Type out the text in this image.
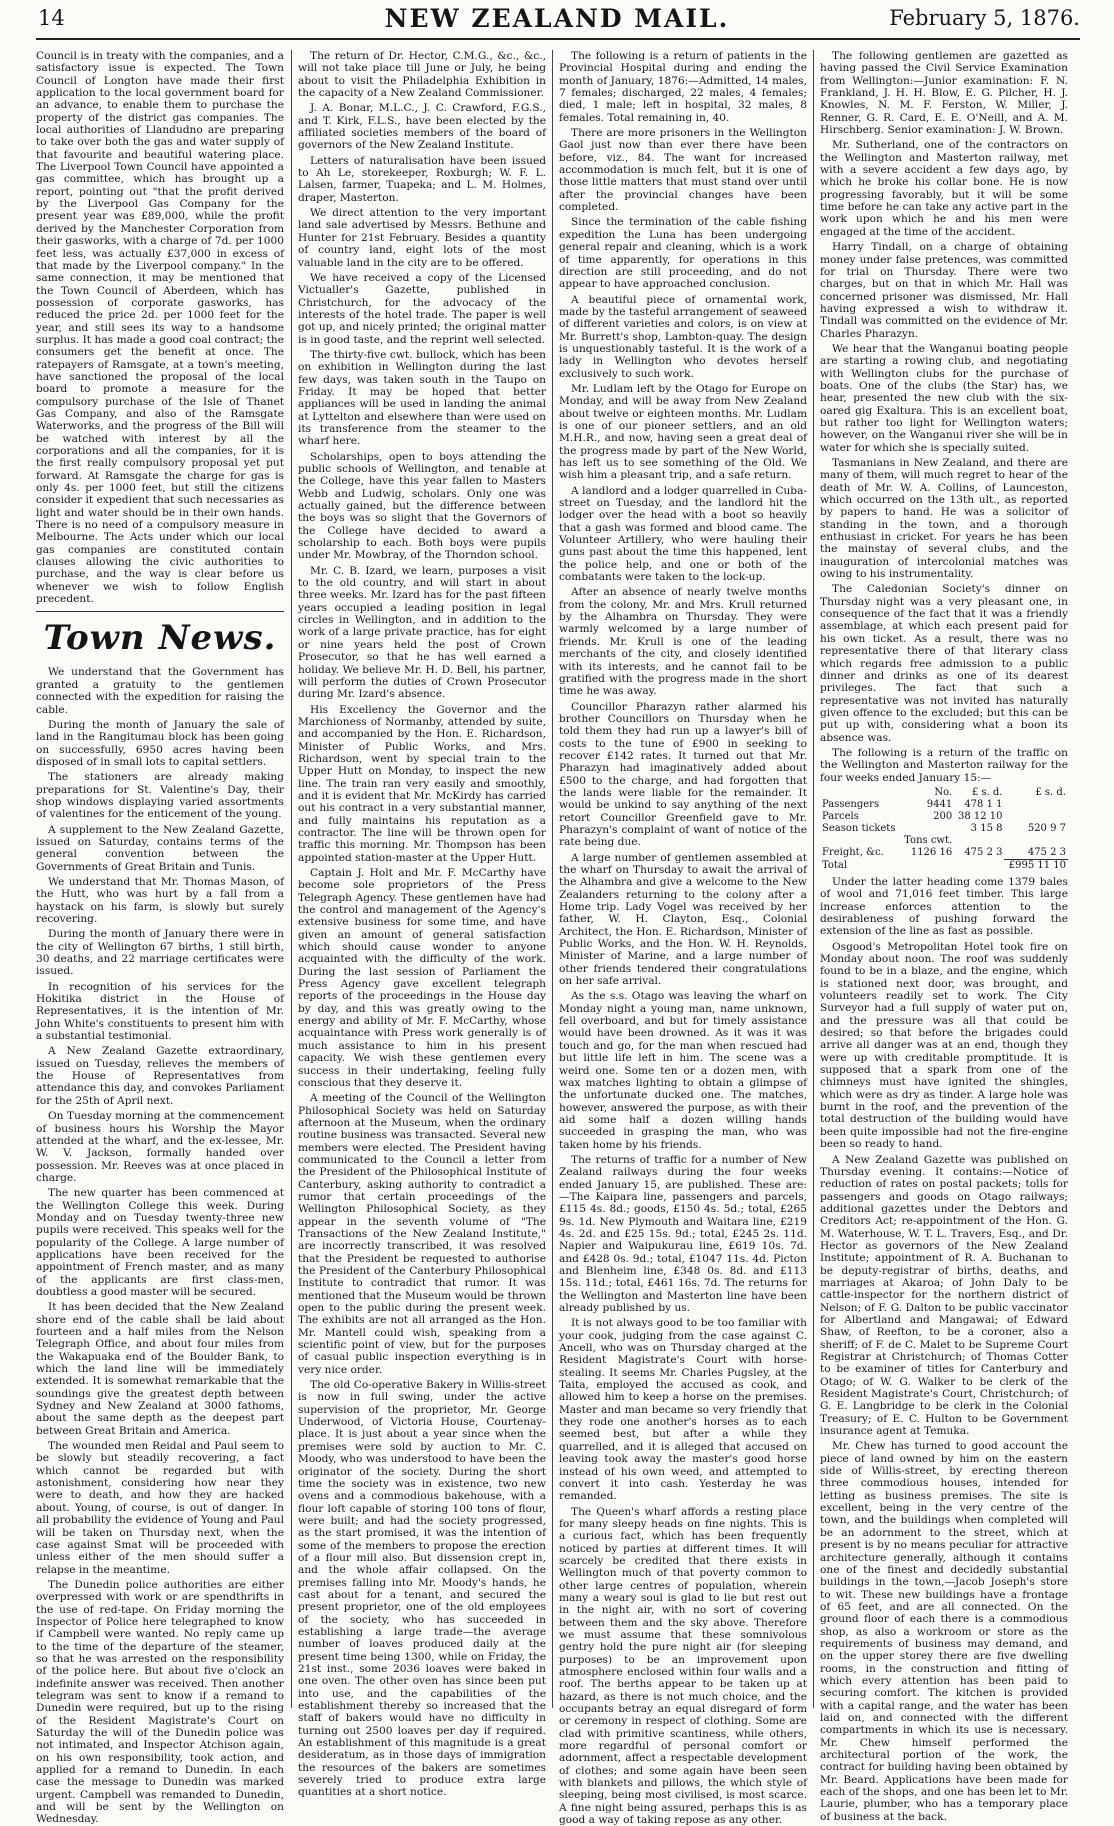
14	NEW ZEALAND MAIL.	February 5, 1876.

Council is in treaty with the companies, and a satisfactory issue is expected. The Town Council of Longton have made their first application to the local government board for an advance, to enable them to purchase the property of the district gas companies. The local authorities of Llandudno are preparing to take over both the gas and water supply of that favourite and beautiful watering place. The Liverpool Town Council have appointed a gas committee, which has brought up a report, pointing out "that the profit derived by the Liverpool Gas Company for the present year was £89,000, while the profit derived by the Manchester Corporation from their gasworks, with a charge of 7d. per 1000 feet less, was actually £37,000 in excess of that made by the Liverpool company." In the same connection, it may be mentioned that the Town Council of Aberdeen, which has possession of corporate gasworks, has reduced the price 2d. per 1000 feet for the year, and still sees its way to a handsome surplus. It has made a good coal contract; the consumers get the benefit at once. The ratepayers of Ramsgate, at a town's meeting, have sanctioned the proposal of the local board to promote a measure for the compulsory purchase of the Isle of Thanet Gas Company, and also of the Ramsgate Waterworks, and the progress of the Bill will be watched with interest by all the corporations and all the companies, for it is the first really compulsory proposal yet put forward. At Ramsgate the charge for gas is only 4s. per 1000 feet, but still the citizens consider it expedient that such necessaries as light and water should be in their own hands. There is no need of a compulsory measure in Melbourne. The Acts under which our local gas companies are constituted contain clauses allowing the civic authorities to purchase, and the way is clear before us whenever we wish to follow English precedent.

Town News.

We understand that the Government has granted a gratuity to the gentlemen connected with the expedition for raising the cable.

During the month of January the sale of land in the Rangitumau block has been going on successfully, 6950 acres having been disposed of in small lots to capital settlers.

The stationers are already making preparations for St. Valentine's Day, their shop windows displaying varied assortments of valentines for the enticement of the young.

A supplement to the New Zealand Gazette, issued on Saturday, contains terms of the general convention between the Governments of Great Britain and Tunis.

We understand that Mr. Thomas Mason, of the Hutt, who was hurt by a fall from a haystack on his farm, is slowly but surely recovering.

During the month of January there were in the city of Wellington 67 births, 1 still birth, 30 deaths, and 22 marriage certificates were issued.

In recognition of his services for the Hokitika district in the House of Representatives, it is the intention of Mr. John White's constituents to present him with a substantial testimonial.

A New Zealand Gazette extraordinary, issued on Tuesday, relieves the members of the House of Representatives from attendance this day, and convokes Parliament for the 25th of April next.

On Tuesday morning at the commencement of business hours his Worship the Mayor attended at the wharf, and the ex-lessee, Mr. W. V. Jackson, formally handed over possession. Mr. Reeves was at once placed in charge.

The new quarter has been commenced at the Wellington College this week. During Monday and on Tuesday twenty-three new pupils were received. This speaks well for the popularity of the College. A large number of applications have been received for the appointment of French master, and as many of the applicants are first class-men, doubtless a good master will be secured.

It has been decided that the New Zealand shore end of the cable shall be laid about fourteen and a half miles from the Nelson Telegraph Office, and about four miles from the Wakapuaka end of the Boulder Bank, to which the land line will be immediately extended. It is somewhat remarkable that the soundings give the greatest depth between Sydney and New Zealand at 3000 fathoms, about the same depth as the deepest part between Great Britain and America.

The wounded men Reidal and Paul seem to be slowly but steadily recovering, a fact which cannot be regarded but with astonishment, considering how near they were to death, and how they are hacked about. Young, of course, is out of danger. In all probability the evidence of Young and Paul will be taken on Thursday next, when the case against Smat will be proceeded with unless either of the men should suffer a relapse in the meantime.

The Dunedin police authorities are either overpressed with work or are spendthrifts in the use of red-tape. On Friday morning the Inspector of Police here telegraphed to know if Campbell were wanted. No reply came up to the time of the departure of the steamer, so that he was arrested on the responsibility of the police here. But about five o'clock an indefinite answer was received. Then another telegram was sent to know if a remand to Dunedin were required, but up to the rising of the Resident Magistrate's Court on Saturday the will of the Dunedin police was not intimated, and Inspector Atchison again, on his own responsibility, took action, and applied for a remand to Dunedin. In each case the message to Dunedin was marked urgent. Campbell was remanded to Dunedin, and will be sent by the Wellington on Wednesday.

The return of Dr. Hector, C.M.G., &c., &c., will not take place till June or July, he being about to visit the Philadelphia Exhibition in the capacity of a New Zealand Commissioner.

J. A. Bonar, M.L.C., J. C. Crawford, F.G.S., and T. Kirk, F.L.S., have been elected by the affiliated societies members of the board of governors of the New Zealand Institute.

Letters of naturalisation have been issued to Ah Le, storekeeper, Roxburgh; W. F. L. Lalsen, farmer, Tuapeka; and L. M. Holmes, draper, Masterton.

We direct attention to the very important land sale advertised by Messrs. Bethune and Hunter for 21st February. Besides a quantity of country land, eight lots of the most valuable land in the city are to be offered.

We have received a copy of the Licensed Victualler's Gazette, published in Christchurch, for the advocacy of the interests of the hotel trade. The paper is well got up, and nicely printed; the original matter is in good taste, and the reprint well selected.

The thirty-five cwt. bullock, which has been on exhibition in Wellington during the last few days, was taken south in the Taupo on Friday. It may be hoped that better appliances will be used in landing the animal at Lyttelton and elsewhere than were used on its transference from the steamer to the wharf here.

Scholarships, open to boys attending the public schools of Wellington, and tenable at the College, have this year fallen to Masters Webb and Ludwig, scholars. Only one was actually gained, but the difference between the boys was so slight that the Governors of the College have decided to award a scholarship to each. Both boys were pupils under Mr. Mowbray, of the Thorndon school.

Mr. C. B. Izard, we learn, purposes a visit to the old country, and will start in about three weeks. Mr. Izard has for the past fifteen years occupied a leading position in legal circles in Wellington, and in addition to the work of a large private practice, has for eight or nine years held the post of Crown Prosecutor, so that he has well earned a holiday. We believe Mr. H. D. Bell, his partner, will perform the duties of Crown Prosecutor during Mr. Izard's absence.

His Excellency the Governor and the Marchioness of Normanby, attended by suite, and accompanied by the Hon. E. Richardson, Minister of Public Works, and Mrs. Richardson, went by special train to the Upper Hutt on Monday, to inspect the new line. The train ran very easily and smoothly, and it is evident that Mr. McKirdy has carried out his contract in a very substantial manner, and fully maintains his reputation as a contractor. The line will be thrown open for traffic this morning. Mr. Thompson has been appointed station-master at the Upper Hutt.

Captain J. Holt and Mr. F. McCarthy have become sole proprietors of the Press Telegraph Agency. These gentlemen have had the control and management of the Agency's extensive business for some time, and have given an amount of general satisfaction which should cause wonder to anyone acquainted with the difficulty of the work. During the last session of Parliament the Press Agency gave excellent telegraph reports of the proceedings in the House day by day, and this was greatly owing to the energy and ability of Mr. F. McCarthy, whose acquaintance with Press work generally is of much assistance to him in his present capacity. We wish these gentlemen every success in their undertaking, feeling fully conscious that they deserve it.

A meeting of the Council of the Wellington Philosophical Society was held on Saturday afternoon at the Museum, when the ordinary routine business was transacted. Several new members were elected. The President having communicated to the Council a letter from the President of the Philosophical Institute of Canterbury, asking authority to contradict a rumor that certain proceedings of the Wellington Philosophical Society, as they appear in the seventh volume of "The Transactions of the New Zealand Institute," are incorrectly transcribed, it was resolved that the President be requested to authorise the President of the Canterbury Philosophical Institute to contradict that rumor. It was mentioned that the Museum would be thrown open to the public during the present week. The exhibits are not all arranged as the Hon. Mr. Mantell could wish, speaking from a scientific point of view, but for the purposes of casual public inspection everything is in very nice order.

The old Co-operative Bakery in Willis-street is now in full swing, under the active supervision of the proprietor, Mr. George Underwood, of Victoria House, Courtenay-place. It is just about a year since when the premises were sold by auction to Mr. C. Moody, who was understood to have been the originator of the society. During the short time the society was in existence, two new ovens and a commodious bakehouse, with a flour loft capable of storing 100 tons of flour, were built; and had the society progressed, as the start promised, it was the intention of some of the members to propose the erection of a flour mill also. But dissension crept in, and the whole affair collapsed. On the premises falling into Mr. Moody's hands, he cast about for a tenant, and secured the present proprietor, one of the old employees of the society, who has succeeded in establishing a large trade—the average number of loaves produced daily at the present time being 1300, while on Friday, the 21st inst., some 2036 loaves were baked in one oven. The other oven has since been put into use, and the capabilities of the establishment thereby so increased that the staff of bakers would have no difficulty in turning out 2500 loaves per day if required. An establishment of this magnitude is a great desideratum, as in those days of immigration the resources of the bakers are sometimes severely tried to produce extra large quantities at a short notice.

The following is a return of patients in the Provincial Hospital during and ending the month of January, 1876:—Admitted, 14 males, 7 females; discharged, 22 males, 4 females; died, 1 male; left in hospital, 32 males, 8 females. Total remaining in, 40.

There are more prisoners in the Wellington Gaol just now than ever there have been before, viz., 84. The want for increased accommodation is much felt, but it is one of those little matters that must stand over until after the provincial changes have been completed.

Since the termination of the cable fishing expedition the Luna has been undergoing general repair and cleaning, which is a work of time apparently, for operations in this direction are still proceeding, and do not appear to have approached conclusion.

A beautiful piece of ornamental work, made by the tasteful arrangement of seaweed of different varieties and colors, is on view at Mr. Burrett's shop, Lambton-quay. The design is unquestionably tasteful. It is the work of a lady in Wellington who devotes herself exclusively to such work.

Mr. Ludlam left by the Otago for Europe on Monday, and will be away from New Zealand about twelve or eighteen months. Mr. Ludlam is one of our pioneer settlers, and an old M.H.R., and now, having seen a great deal of the progress made by part of the New World, has left us to see something of the Old. We wish him a pleasant trip, and a safe return.

A landlord and a lodger quarrelled in Cuba-street on Tuesday, and the landlord hit the lodger over the head with a boot so heavily that a gash was formed and blood came. The Volunteer Artillery, who were hauling their guns past about the time this happened, lent the police help, and one or both of the combatants were taken to the lock-up.

After an absence of nearly twelve months from the colony, Mr. and Mrs. Krull returned by the Alhambra on Thursday. They were warmly welcomed by a large number of friends. Mr. Krull is one of the leading merchants of the city, and closely identified with its interests, and he cannot fail to be gratified with the progress made in the short time he was away.

Councillor Pharazyn rather alarmed his brother Councillors on Thursday when he told them they had run up a lawyer's bill of costs to the tune of £900 in seeking to recover £142 rates. It turned out that Mr. Pharazyn had imaginatively added about £500 to the charge, and had forgotten that the lands were liable for the remainder. It would be unkind to say anything of the next retort Councillor Greenfield gave to Mr. Pharazyn's complaint of want of notice of the rate being due.

A large number of gentlemen assembled at the wharf on Thursday to await the arrival of the Alhambra and give a welcome to the New Zealanders returning to the colony after a Home trip. Lady Vogel was received by her father, W. H. Clayton, Esq., Colonial Architect, the Hon. E. Richardson, Minister of Public Works, and the Hon. W. H. Reynolds, Minister of Marine, and a large number of other friends tendered their congratulations on her safe arrival.

As the s.s. Otago was leaving the wharf on Monday night a young man, name unknown, fell overboard, and but for timely assistance would have been drowned. As it was it was touch and go, for the man when rescued had but little life left in him. The scene was a weird one. Some ten or a dozen men, with wax matches lighting to obtain a glimpse of the unfortunate ducked one. The matches, however, answered the purpose, as with their aid some half a dozen willing hands succeeded in grasping the man, who was taken home by his friends.

The returns of traffic for a number of New Zealand railways during the four weeks ended January 15, are published. These are:—The Kaipara line, passengers and parcels, £115 4s. 8d.; goods, £150 4s. 5d.; total, £265 9s. 1d. New Plymouth and Waitara line, £219 4s. 2d. and £25 15s. 9d.; total, £245 2s. 11d. Napier and Waipukurau line, £619 10s. 7d. and £428 0s. 9d.; total, £1047 11s. 4d. Picton and Blenheim line, £348 0s. 8d. and £113 15s. 11d.; total, £461 16s. 7d. The returns for the Wellington and Masterton line have been already published by us.

It is not always good to be too familiar with your cook, judging from the case against C. Ancell, who was on Thursday charged at the Resident Magistrate's Court with horse-stealing. It seems Mr. Charles Pugsley, at the Taita, employed the accused as cook, and allowed him to keep a horse on the premises. Master and man became so very friendly that they rode one another's horses as to each seemed best, but after a while they quarrelled, and it is alleged that accused on leaving took away the master's good horse instead of his own weed, and attempted to convert it into cash. Yesterday he was remanded.

The Queen's wharf affords a resting place for many sleepy heads on fine nights. This is a curious fact, which has been frequently noticed by parties at different times. It will scarcely be credited that there exists in Wellington much of that poverty common to other large centres of population, wherein many a weary soul is glad to lie but rest out in the night air, with no sort of covering between them and the sky above. Therefore we must assume that these somnivolous gentry hold the pure night air (for sleeping purposes) to be an improvement upon atmosphere enclosed within four walls and a roof. The berths appear to be taken up at hazard, as there is not much choice, and the occupants betray an equal disregard of form or ceremony in respect of clothing. Some are clad with primitive scantiness, while others, more regardful of personal comfort or adornment, affect a respectable development of clothes; and some again have been seen with blankets and pillows, the which style of sleeping, being most civilised, is most scarce. A fine night being assured, perhaps this is as good a way of taking repose as any other.

The following gentlemen are gazetted as having passed the Civil Service Examination from Wellington:—Junior examination: F. N. Frankland, J. H. H. Blow, E. G. Pilcher, H. J. Knowles, N. M. F. Ferston, W. Miller, J. Renner, G. R. Card, E. E. O'Neill, and A. M. Hirschberg. Senior examination: J. W. Brown.

Mr. Sutherland, one of the contractors on the Wellington and Masterton railway, met with a severe accident a few days ago, by which he broke his collar bone. He is now progressing favorably, but it will be some time before he can take any active part in the work upon which he and his men were engaged at the time of the accident.

Harry Tindall, on a charge of obtaining money under false pretences, was committed for trial on Thursday. There were two charges, but on that in which Mr. Hall was concerned prisoner was dismissed, Mr. Hall having expressed a wish to withdraw it. Tindall was committed on the evidence of Mr. Charles Pharazyn.

We hear that the Wanganui boating people are starting a rowing club, and negotiating with Wellington clubs for the purchase of boats. One of the clubs (the Star) has, we hear, presented the new club with the six-oared gig Exaltura. This is an excellent boat, but rather too light for Wellington waters; however, on the Wanganui river she will be in water for which she is specially suited.

Tasmanians in New Zealand, and there are many of them, will much regret to hear of the death of Mr. W. A. Collins, of Launceston, which occurred on the 13th ult., as reported by papers to hand. He was a solicitor of standing in the town, and a thorough enthusiast in cricket. For years he has been the mainstay of several clubs, and the inauguration of intercolonial matches was owing to his instrumentality.

The Caledonian Society's dinner on Thursday night was a very pleasant one, in consequence of the fact that it was a friendly assemblage, at which each present paid for his own ticket. As a result, there was no representative there of that literary class which regards free admission to a public dinner and drinks as one of its dearest privileges. The fact that such a representative was not invited has naturally given offence to the excluded; but this can be put up with, considering what a boon its absence was.

The following is a return of the traffic on the Wellington and Masterton railway for the four weeks ended January 15:—

	No.	£ s. d.	£ s. d.
Passengers	9441	478 1 1	
Parcels	200	38 12 10	
Season tickets		3 15 8	520 9 7
	Tons cwt.		
Freight, &c.	1126 16	475 2 3	475 2 3
Total			£995 11 10

Under the latter heading come 1379 bales of wool and 71,016 feet timber. This large increase enforces attention to the desirableness of pushing forward the extension of the line as fast as possible.

Osgood's Metropolitan Hotel took fire on Monday about noon. The roof was suddenly found to be in a blaze, and the engine, which is stationed next door, was brought, and volunteers readily set to work. The City Surveyor had a full supply of water put on, and the pressure was all that could be desired; so that before the brigades could arrive all danger was at an end, though they were up with creditable promptitude. It is supposed that a spark from one of the chimneys must have ignited the shingles, which were as dry as tinder. A large hole was burnt in the roof, and the prevention of the total destruction of the building would have been quite impossible had not the fire-engine been so ready to hand.

A New Zealand Gazette was published on Thursday evening. It contains:—Notice of reduction of rates on postal packets; tolls for passengers and goods on Otago railways; additional gazettes under the Debtors and Creditors Act; re-appointment of the Hon. G. M. Waterhouse, W. T. L. Travers, Esq., and Dr. Hector as governors of the New Zealand Institute; appointment of R. A. Buchanan to be deputy-registrar of births, deaths, and marriages at Akaroa; of John Daly to be cattle-inspector for the northern district of Nelson; of F. G. Dalton to be public vaccinator for Albertland and Mangawai; of Edward Shaw, of Reefton, to be a coroner, also a sheriff; of F. de C. Malet to be Supreme Court Registrar at Christchurch; of Thomas Cotter to be examiner of titles for Canterbury and Otago; of W. G. Walker to be clerk of the Resident Magistrate's Court, Christchurch; of G. E. Langbridge to be clerk in the Colonial Treasury; of E. C. Hulton to be Government insurance agent at Temuka.

Mr. Chew has turned to good account the piece of land owned by him on the eastern side of Willis-street, by erecting thereon three commodious houses, intended for letting as business premises. The site is excellent, being in the very centre of the town, and the buildings when completed will be an adornment to the street, which at present is by no means peculiar for attractive architecture generally, although it contains one of the finest and decidedly substantial buildings in the town,—Jacob Joseph's store to wit. These new buildings have a frontage of 65 feet, and are all connected. On the ground floor of each there is a commodious shop, as also a workroom or store as the requirements of business may demand, and on the upper storey there are five dwelling rooms, in the construction and fitting of which every attention has been paid to securing comfort. The kitchen is provided with a capital range, and the water has been laid on, and connected with the different compartments in which its use is necessary. Mr. Chew himself performed the architectural portion of the work, the contract for building having been obtained by Mr. Beard. Applications have been made for each of the shops, and one has been let to Mr. Laurie, plumber, who has a temporary place of business at the back.
